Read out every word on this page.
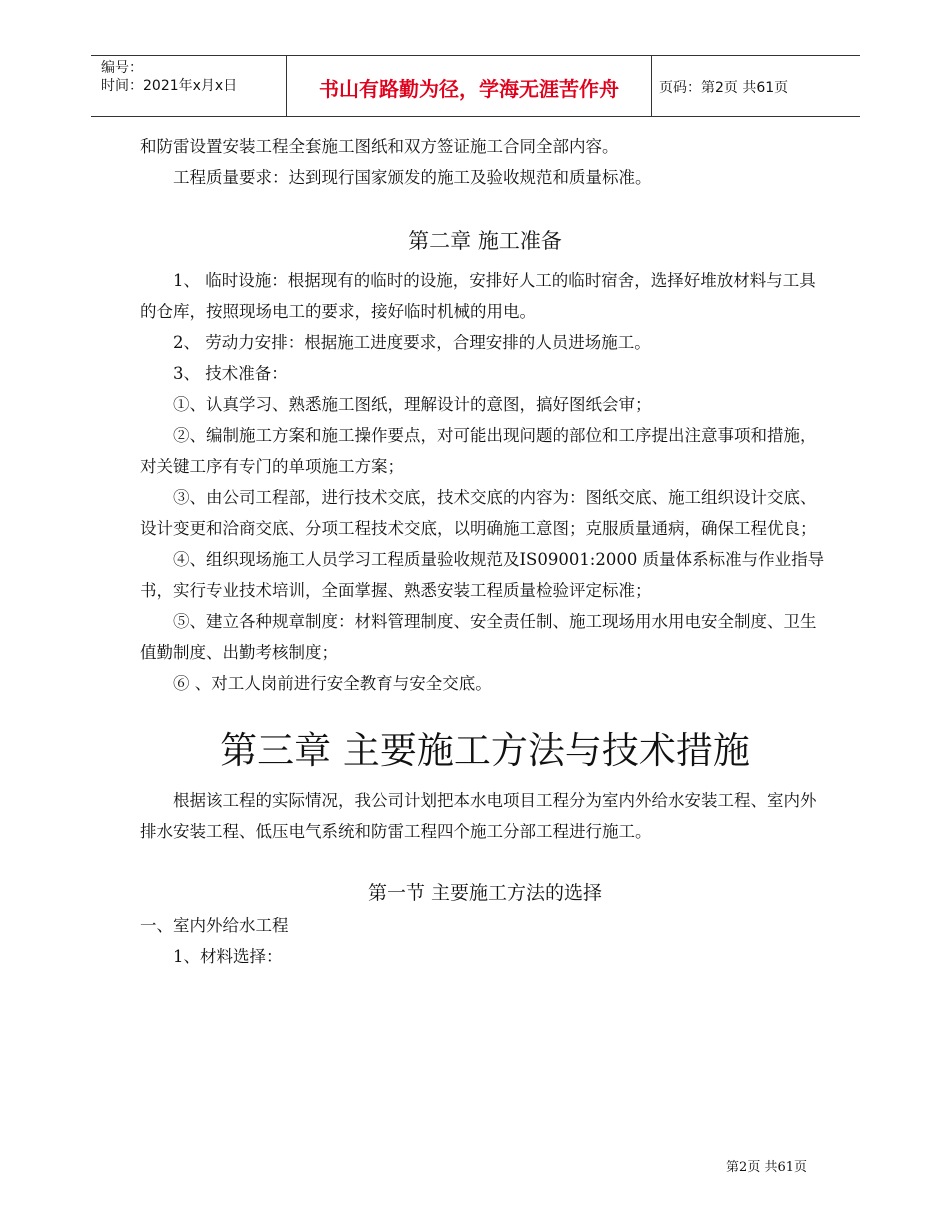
编号：
时间：2021年x月x日	书山有路勤为径，学海无涯苦作舟	页码：第2页 共61页

和防雷设置安装工程全套施工图纸和双方签证施工合同全部内容。

工程质量要求：达到现行国家颁发的施工及验收规范和质量标准。

第二章 施工准备

1、 临时设施：根据现有的临时的设施，安排好人工的临时宿舍，选择好堆放材料与工具的仓库，按照现场电工的要求，接好临时机械的用电。

2、 劳动力安排：根据施工进度要求，合理安排的人员进场施工。

3、 技术准备：

①、认真学习、熟悉施工图纸，理解设计的意图，搞好图纸会审；

②、编制施工方案和施工操作要点，对可能出现问题的部位和工序提出注意事项和措施，对关键工序有专门的单项施工方案；

③、由公司工程部，进行技术交底，技术交底的内容为：图纸交底、施工组织设计交底、设计变更和洽商交底、分项工程技术交底，以明确施工意图；克服质量通病，确保工程优良；

④、组织现场施工人员学习工程质量验收规范及IS09001:2000 质量体系标准与作业指导书，实行专业技术培训，全面掌握、熟悉安装工程质量检验评定标准；

⑤、建立各种规章制度：材料管理制度、安全责任制、施工现场用水用电安全制度、卫生值勤制度、出勤考核制度；

⑥ 、对工人岗前进行安全教育与安全交底。

第三章 主要施工方法与技术措施

根据该工程的实际情况，我公司计划把本水电项目工程分为室内外给水安装工程、室内外排水安装工程、低压电气系统和防雷工程四个施工分部工程进行施工。

第一节 主要施工方法的选择

一、室内外给水工程

1、材料选择：

第2页 共61页
